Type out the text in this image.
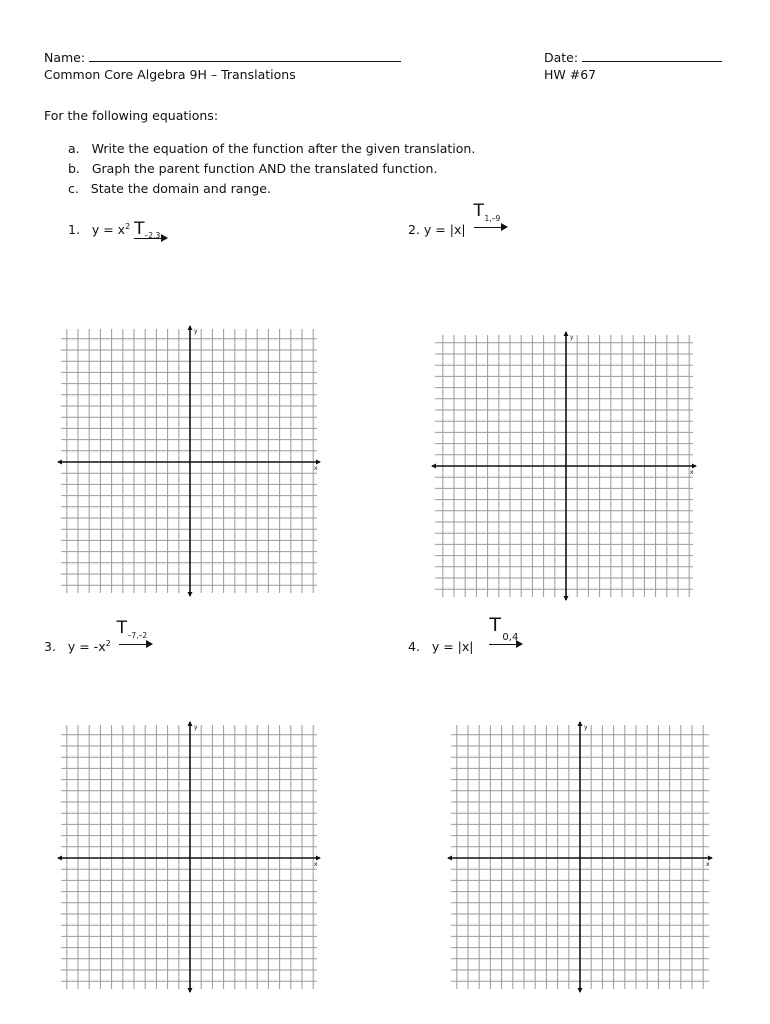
Name:	Date:
Common Core Algebra 9H – Translations	HW #67
For the following equations:
a. Write the equation of the function after the given translation.
b. Graph the parent function AND the translated function.
c. State the domain and range.
1. $y = x^2$ $T_{-2,3}$	2. y = |x|
T 1,–9
3. $y = -x^2$
T –7,–2
4. y = |x|
T
0,4
y
x
y
x
y
x
y
x
